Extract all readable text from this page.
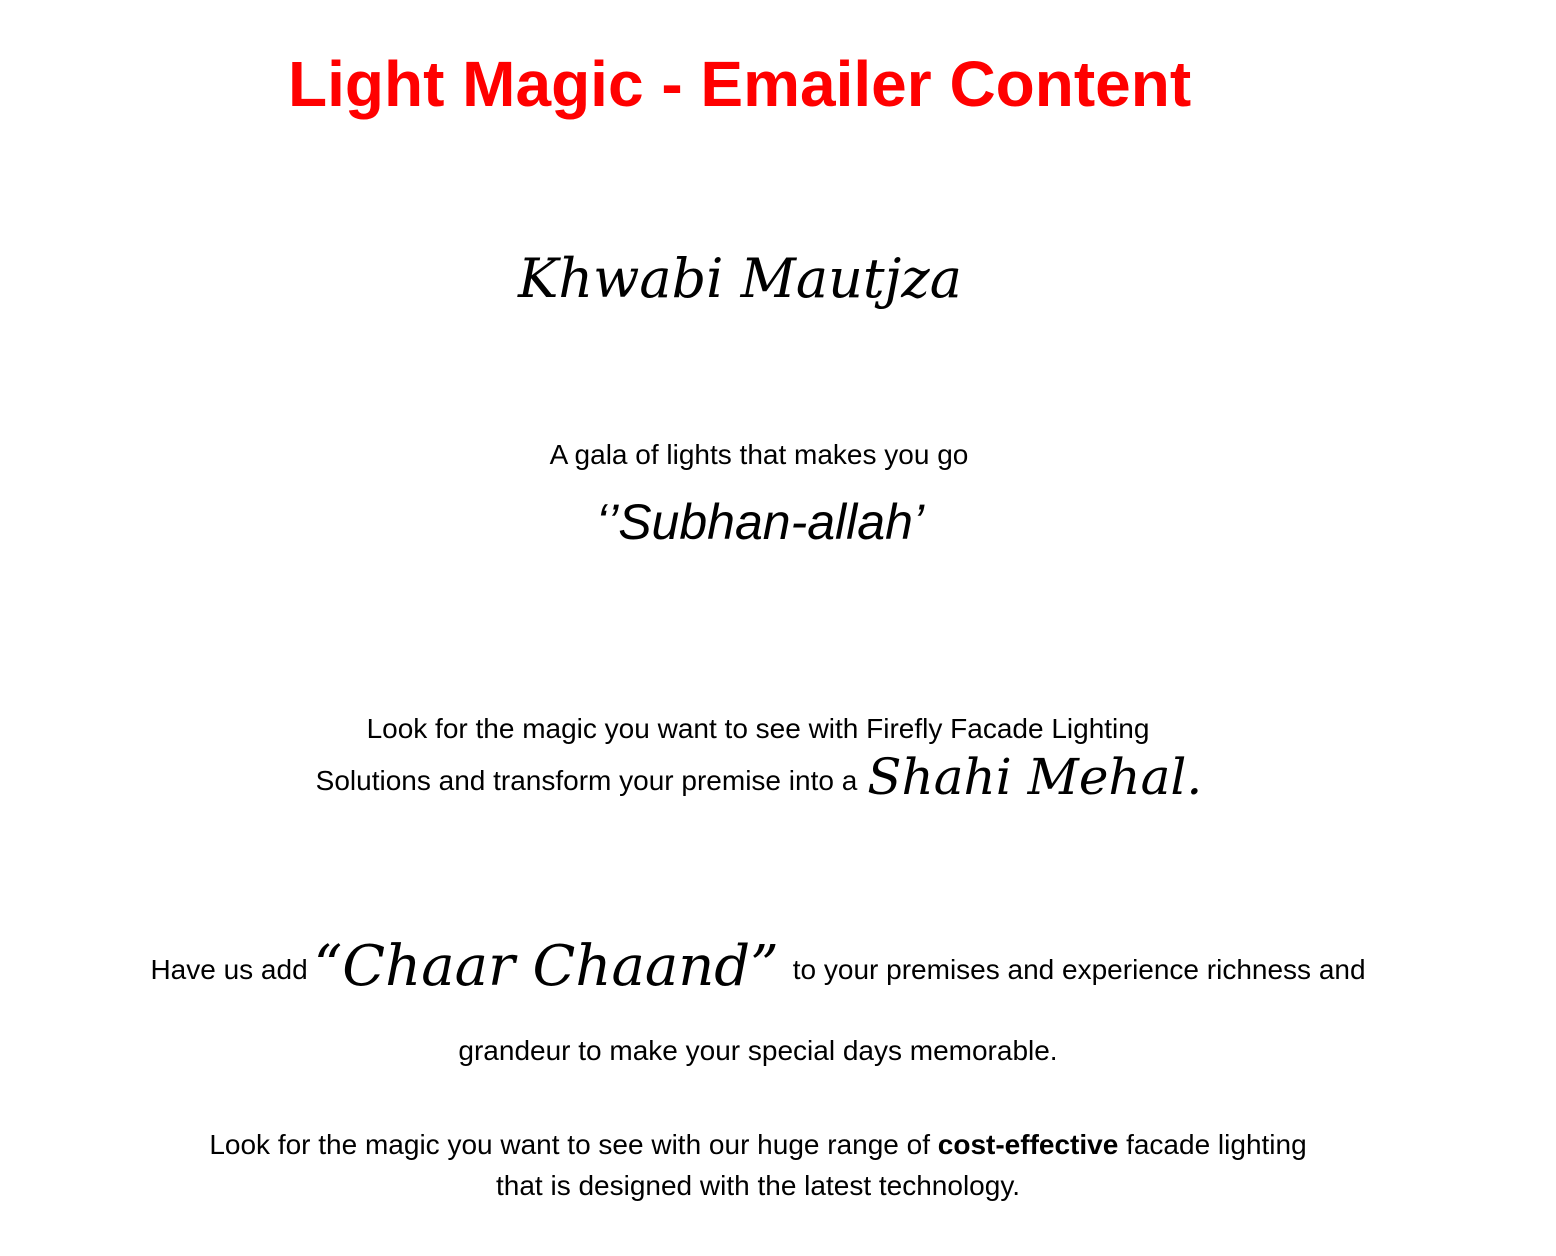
Light Magic - Emailer Content
Khwabi Mautjza
A gala of lights that makes you go
‘’Subhan-allah’
Look for the magic you want to see with Firefly Facade Lighting
Solutions and transform your premise into a Shahi Mehal.
Have us add “Chaar Chaand” to your premises and experience richness and
grandeur to make your special days memorable.
Look for the magic you want to see with our huge range of cost-effective facade lighting
that is designed with the latest technology.
